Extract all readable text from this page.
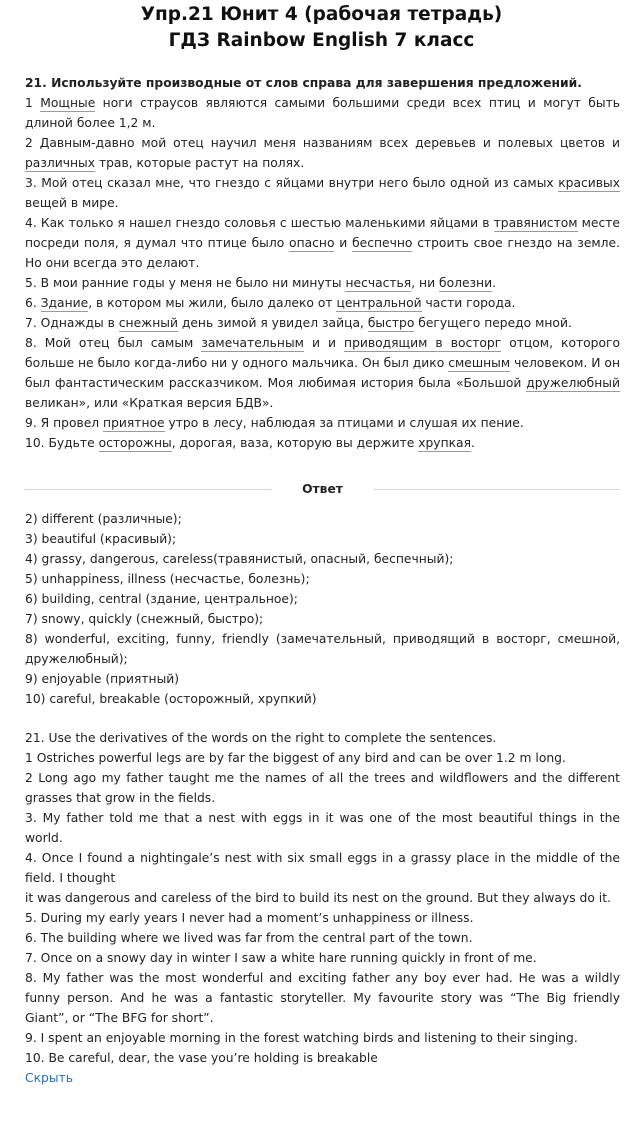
Упр.21 Юнит 4 (рабочая тетрадь)
ГДЗ Rainbow English 7 класс

21. Используйте производные от слов справа для завершения предложений.

1 Мощные ноги страусов являются самыми большими среди всех птиц и могут быть длиной более 1,2 м.

2 Давным-давно мой отец научил меня названиям всех деревьев и полевых цветов и различных трав, которые растут на полях.

3. Мой отец сказал мне, что гнездо с яйцами внутри него было одной из самых красивых вещей в мире.

4. Как только я нашел гнездо соловья с шестью маленькими яйцами в травянистом месте посреди поля, я думал что птице было опасно и беспечно строить свое гнездо на земле. Но они всегда это делают.

5. В мои ранние годы у меня не было ни минуты несчастья, ни болезни.

6. Здание, в котором мы жили, было далеко от центральной части города.

7. Однажды в снежный день зимой я увидел зайца, быстро бегущего передо мной.

8. Мой отец был самым замечательным и и приводящим в восторг отцом, которого больше не было когда-либо ни у одного мальчика. Он был дико смешным человеком. И он был фантастическим рассказчиком. Моя любимая история была «Большой дружелюбный великан», или «Краткая версия БДВ».

9. Я провел приятное утро в лесу, наблюдая за птицами и слушая их пение.

10. Будьте осторожны, дорогая, ваза, которую вы держите хрупкая.

Ответ

2) different (различные);

3) beautiful (красивый);

4) grassy, dangerous, careless(травянистый, опасный, беспечный);

5) unhappiness, illness (несчастье, болезнь);

6) building, central (здание, центральное);

7) snowy, quickly (снежный, быстро);

8) wonderful, exciting, funny, friendly (замечательный, приводящий в восторг, смешной, дружелюбный);

9) enjoyable (приятный)

10) careful, breakable (осторожный, хрупкий)

21. Use the derivatives of the words on the right to complete the sentences.

1 Ostriches powerful legs are by far the biggest of any bird and can be over 1.2 m long.

2 Long ago my father taught me the names of all the trees and wildflowers and the different grasses that grow in the fields.

3. My father told me that a nest with eggs in it was one of the most beautiful things in the world.

4. Once I found a nightingale’s nest with six small eggs in a grassy place in the middle of the field. I thought

it was dangerous and careless of the bird to build its nest on the ground. But they always do it.

5. During my early years I never had a moment’s unhappiness or illness.

6. The building where we lived was far from the central part of the town.

7. Once on a snowy day in winter I saw a white hare running quickly in front of me.

8. My father was the most wonderful and exciting father any boy ever had. He was a wildly funny person. And he was a fantastic storyteller. My favourite story was “The Big friendly Giant”, or “The BFG for short”.

9. I spent an enjoyable morning in the forest watching birds and listening to their singing.

10. Be careful, dear, the vase you’re holding is breakable

Скрыть
